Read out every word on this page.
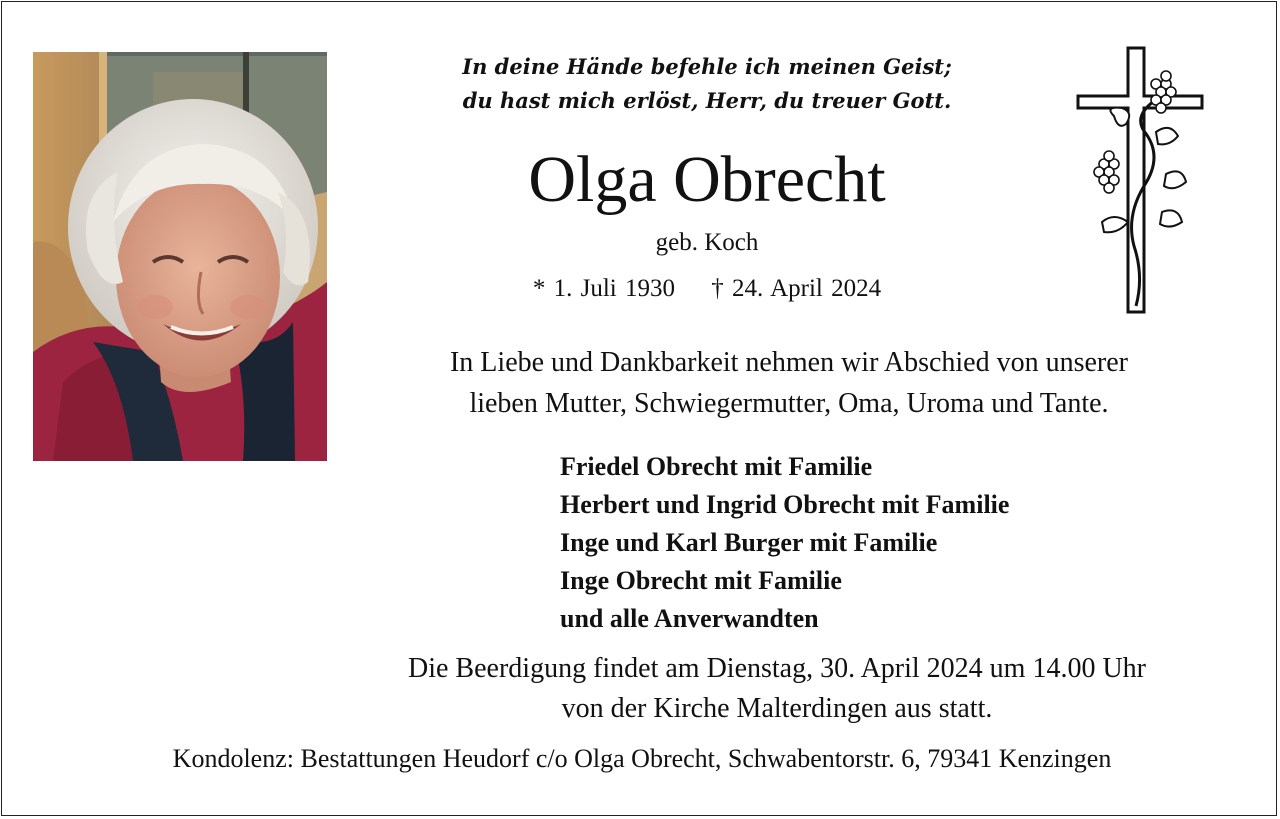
In deine Hände befehle ich meinen Geist;
du hast mich erlöst, Herr, du treuer Gott.
Olga Obrecht
geb. Koch
* 1. Juli 1930 † 24. April 2024
In Liebe und Dankbarkeit nehmen wir Abschied von unserer
lieben Mutter, Schwiegermutter, Oma, Uroma und Tante.
Friedel Obrecht mit Familie
Herbert und Ingrid Obrecht mit Familie
Inge und Karl Burger mit Familie
Inge Obrecht mit Familie
und alle Anverwandten
Die Beerdigung findet am Dienstag, 30. April 2024 um 14.00 Uhr
von der Kirche Malterdingen aus statt.
Kondolenz: Bestattungen Heudorf c/o Olga Obrecht, Schwabentorstr. 6, 79341 Kenzingen
